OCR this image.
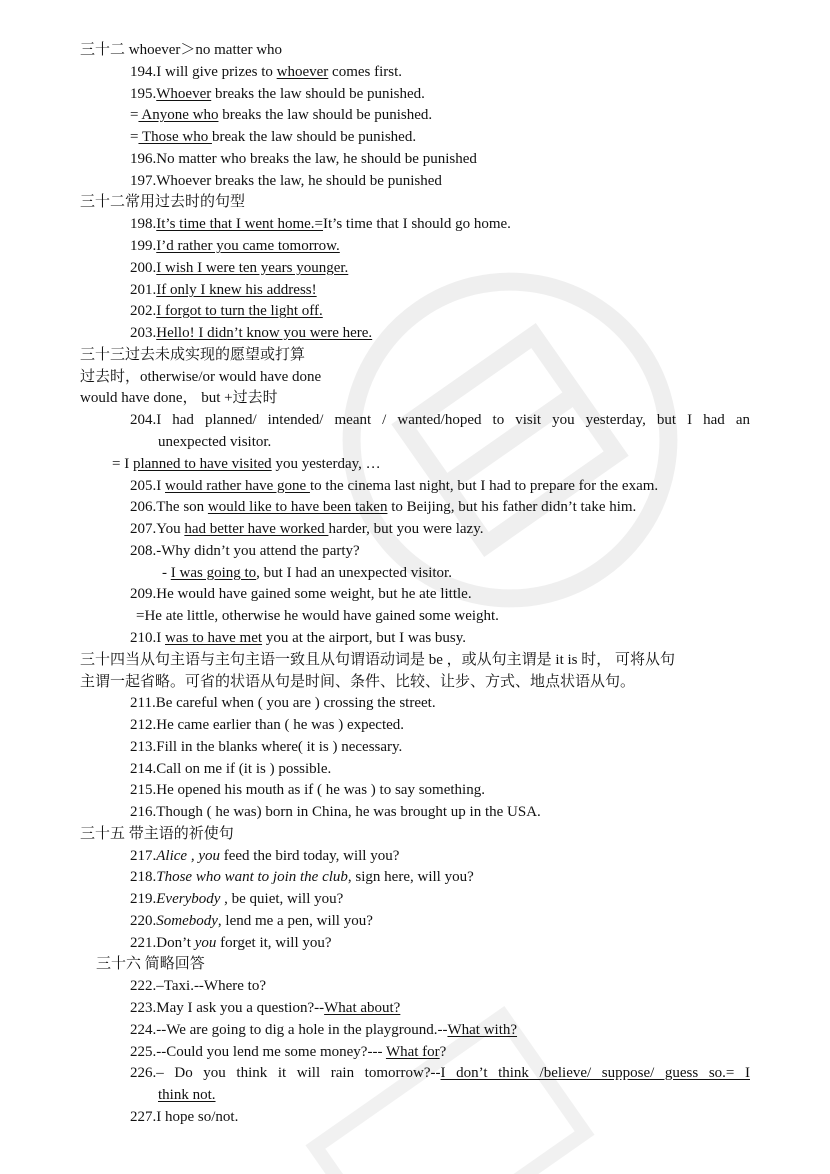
三十二 whoever＞no matter who
194.I will give prizes to whoever comes first.
195.Whoever breaks the law should be punished.
= Anyone who breaks the law should be punished.
= Those who break the law should be punished.
196.No matter who breaks the law, he should be punished
197.Whoever breaks the law, he should be punished
三十二常用过去时的句型
198.It’s time that I went home.=It’s time that I should go home.
199.I’d rather you came tomorrow.
200.I wish I were ten years younger.
201.If only I knew his address!
202.I forgot to turn the light off.
203.Hello! I didn’t know you were here.
三十三过去未成实现的愿望或打算
过去时，otherwise/or would have done
would have done， but +过去时
204.I had planned/ intended/ meant / wanted/hoped to visit you yesterday, but I had an
unexpected visitor.
= I planned to have visited you yesterday, …
205.I would rather have gone to the cinema last night, but I had to prepare for the exam.
206.The son would like to have been taken to Beijing, but his father didn’t take him.
207.You had better have worked harder, but you were lazy.
208.-Why didn’t you attend the party?
- I was going to, but I had an unexpected visitor.
209.He would have gained some weight, but he ate little.
=He ate little, otherwise he would have gained some weight.
210.I was to have met you at the airport, but I was busy.
三十四当从句主语与主句主语一致且从句谓语动词是 be ，或从句主谓是 it is 时， 可将从句
主谓一起省略。可省的状语从句是时间、条件、比较、让步、方式、地点状语从句。
211.Be careful when ( you are ) crossing the street.
212.He came earlier than ( he was ) expected.
213.Fill in the blanks where( it is ) necessary.
214.Call on me if (it is ) possible.
215.He opened his mouth as if ( he was ) to say something.
216.Though ( he was) born in China, he was brought up in the USA.
三十五 带主语的祈使句
217.Alice , you feed the bird today, will you?
218.Those who want to join the club, sign here, will you?
219.Everybody , be quiet, will you?
220.Somebody, lend me a pen, will you?
221.Don’t you forget it, will you?
三十六 简略回答
222.–Taxi.--Where to?
223.May I ask you a question?--What about?
224.--We are going to dig a hole in the playground.--What with?
225.--Could you lend me some money?--- What for?
226.– Do you think it will rain tomorrow?--I don’t think /believe/ suppose/ guess so.= I
think not.
227.I hope so/not.
